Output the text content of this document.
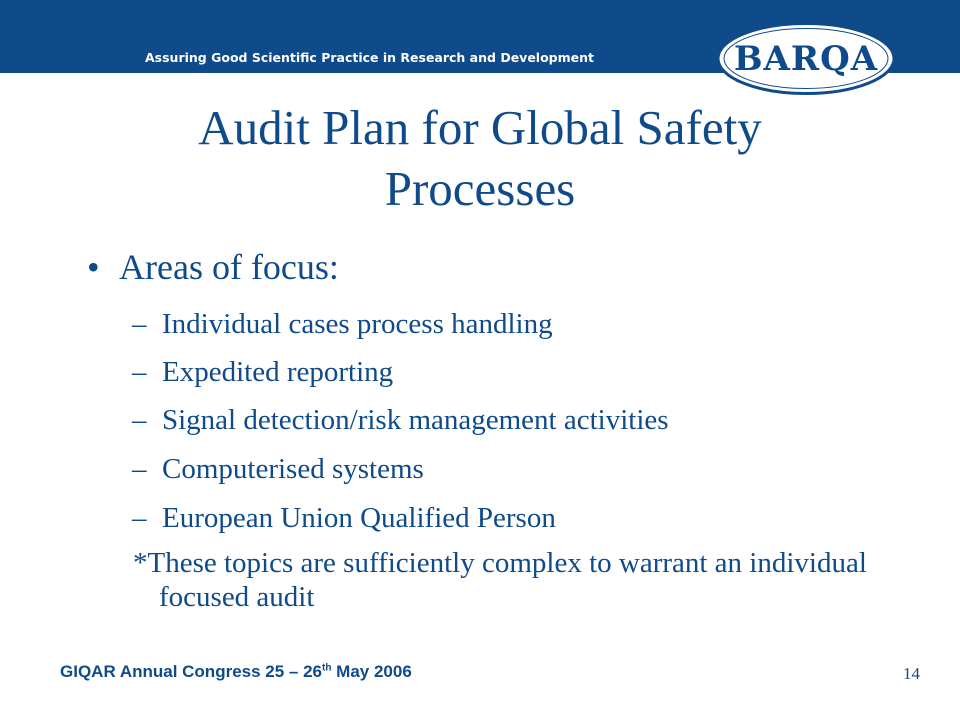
Assuring Good Scientific Practice in Research and Development	BARQA
Audit Plan for Global Safety
Processes
• Areas of focus:
– Individual cases process handling
– Expedited reporting
– Signal detection/risk management activities
– Computerised systems
– European Union Qualified Person
*These topics are sufficiently complex to warrant an individual focused audit
GIQAR Annual Congress 25 – 26th May 2006	14
